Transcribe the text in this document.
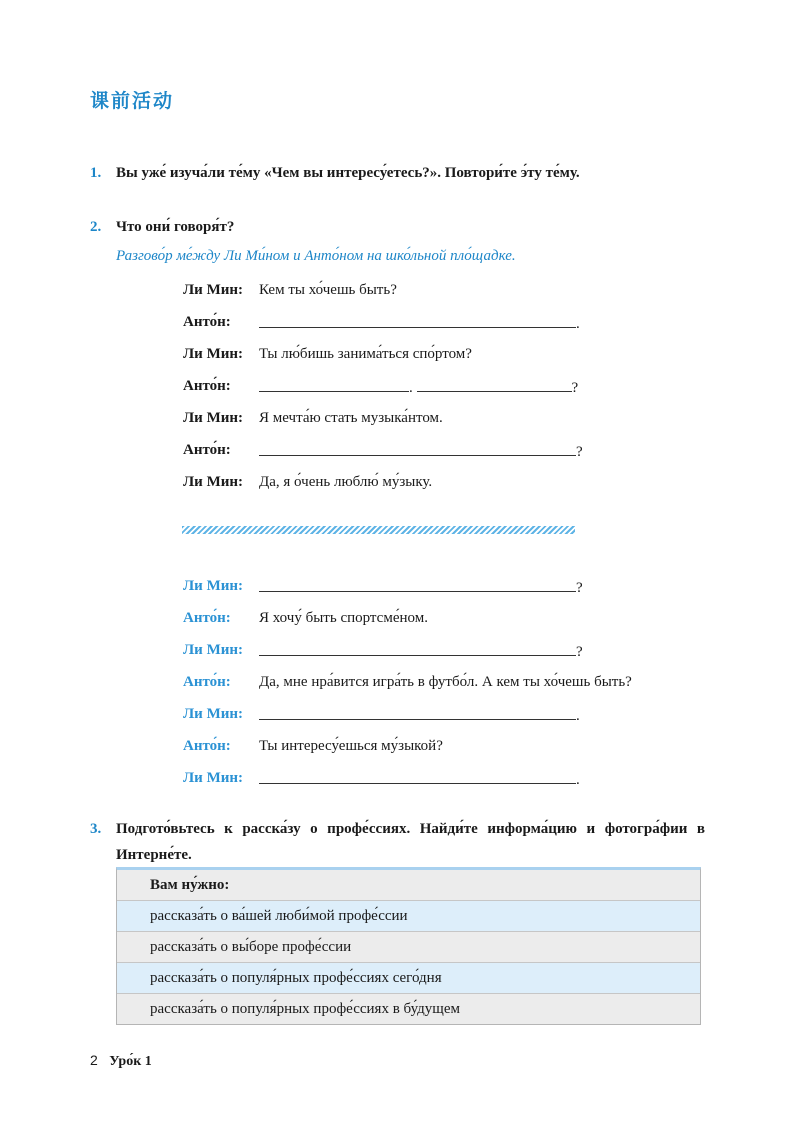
课前活动
1. Вы уже́ изуча́ли те́му «Чем вы интересу́етесь?». Повтори́те э́ту те́му.
2. Что они́ говоря́т?
Разгово́р ме́жду Ли Ми́ном и Анто́ном на шко́льной пло́щадке.
Ли Мин: Кем ты хо́чешь быть?
Анто́н:	.
Ли Мин: Ты лю́бишь занима́ться спо́ртом?
Анто́н:	.	?
Ли Мин: Я мечта́ю стать музыка́нтом.
Анто́н:	?
Ли Мин: Да, я о́чень люблю́ му́зыку.
Ли Мин:	?
Анто́н: Я хочу́ быть спортсме́ном.
Ли Мин:	?
Анто́н: Да, мне нра́вится игра́ть в футбо́л. А кем ты хо́чешь быть?
Ли Мин:	.
Анто́н: Ты интересу́ешься му́зыкой?
Ли Мин:	.
3. Подгото́вьтесь к расска́зу о профе́ссиях. Найди́те информа́цию и фотогра́фии в Интерне́те.
Вам ну́жно:
рассказа́ть о ва́шей люби́мой профе́ссии
рассказа́ть о вы́боре профе́ссии
рассказа́ть о популя́рных профе́ссиях сего́дня
рассказа́ть о популя́рных профе́ссиях в бу́дущем
2 Уро́к 1
